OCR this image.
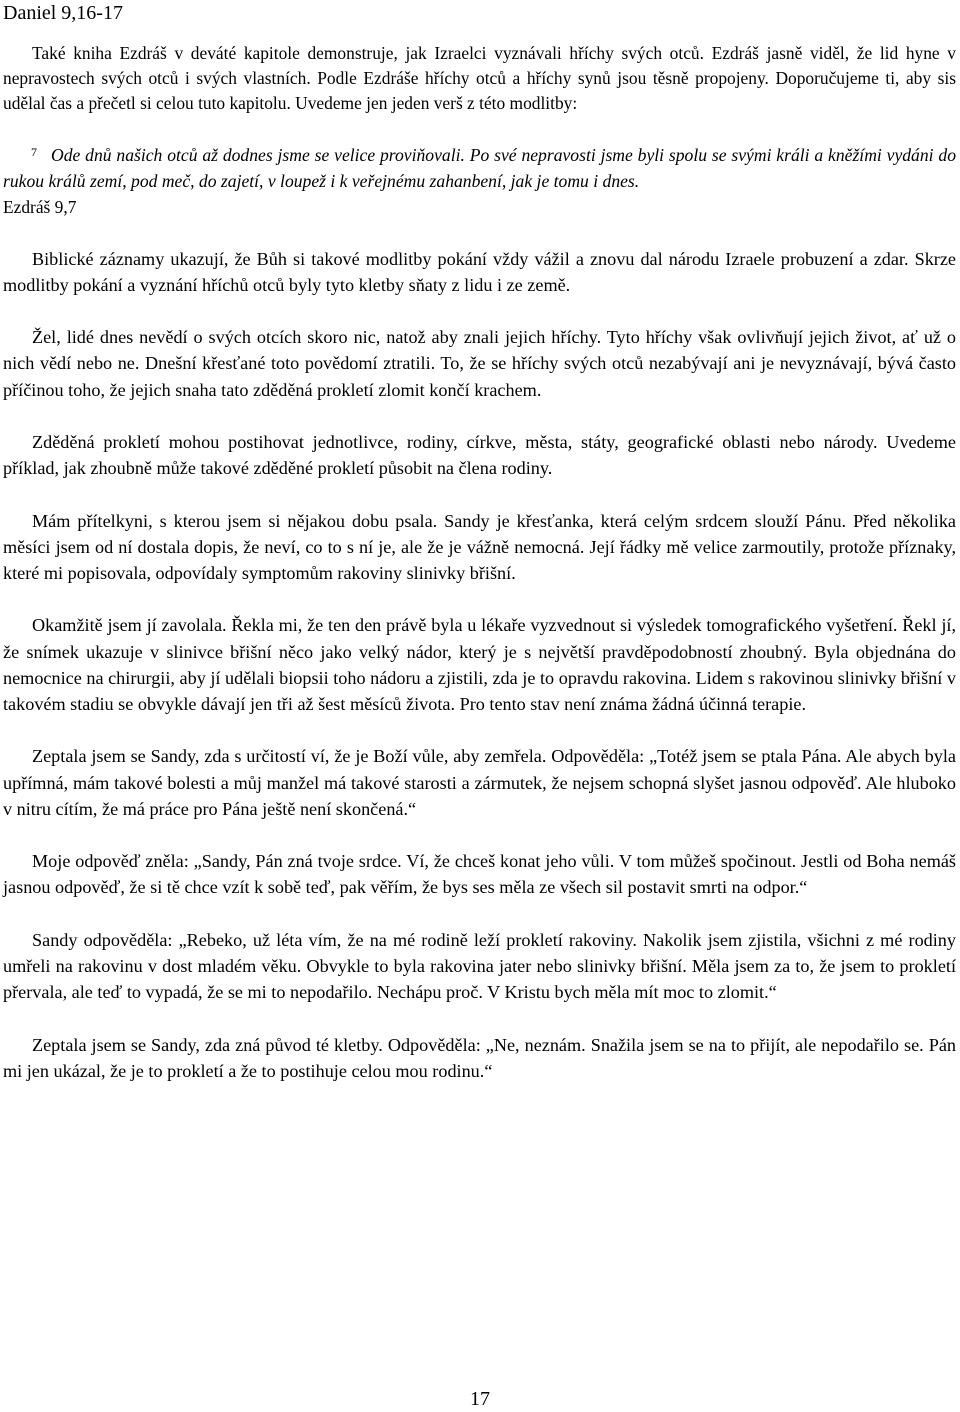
Daniel 9,16-17

Také kniha Ezdráš v deváté kapitole demonstruje, jak Izraelci vyznávali hříchy svých otců. Ezdráš jasně viděl, že lid hyne v nepravostech svých otců i svých vlastních. Podle Ezdráše hříchy otců a hříchy synů jsou těsně propojeny. Doporučujeme ti, aby sis udělal čas a přečetl si celou tuto kapitolu. Uvedeme jen jeden verš z této modlitby:

$^7$ Ode dnů našich otců až dodnes jsme se velice proviňovali. Po své nepravosti jsme byli spolu se svými králi a kněžími vydáni do rukou králů zemí, pod meč, do zajetí, v loupež i k veřejnému zahanbení, jak je tomu i dnes.

Ezdráš 9,7

Biblické záznamy ukazují, že Bůh si takové modlitby pokání vždy vážil a znovu dal národu Izraele probuzení a zdar. Skrze modlitby pokání a vyznání hříchů otců byly tyto kletby sňaty z lidu i ze země.

Žel, lidé dnes nevědí o svých otcích skoro nic, natož aby znali jejich hříchy. Tyto hříchy však ovlivňují jejich život, ať už o nich vědí nebo ne. Dnešní křesťané toto povědomí ztratili. To, že se hříchy svých otců nezabývají ani je nevyznávají, bývá často příčinou toho, že jejich snaha tato zděděná prokletí zlomit končí krachem.

Zděděná prokletí mohou postihovat jednotlivce, rodiny, církve, města, státy, geografické oblasti nebo národy. Uvedeme příklad, jak zhoubně může takové zděděné prokletí působit na člena rodiny.

Mám přítelkyni, s kterou jsem si nějakou dobu psala. Sandy je křesťanka, která celým srdcem slouží Pánu. Před několika měsíci jsem od ní dostala dopis, že neví, co to s ní je, ale že je vážně nemocná. Její řádky mě velice zarmoutily, protože příznaky, které mi popisovala, odpovídaly symptomům rakoviny slinivky břišní.

Okamžitě jsem jí zavolala. Řekla mi, že ten den právě byla u lékaře vyzvednout si výsledek tomografického vyšetření. Řekl jí, že snímek ukazuje v slinivce břišní něco jako velký nádor, který je s největší pravděpodobností zhoubný. Byla objednána do nemocnice na chirurgii, aby jí udělali biopsii toho nádoru a zjistili, zda je to opravdu rakovina. Lidem s rakovinou slinivky břišní v takovém stadiu se obvykle dávají jen tři až šest měsíců života. Pro tento stav není známa žádná účinná terapie.

Zeptala jsem se Sandy, zda s určitostí ví, že je Boží vůle, aby zemřela. Odpověděla: „Totéž jsem se ptala Pána. Ale abych byla upřímná, mám takové bolesti a můj manžel má takové starosti a zármutek, že nejsem schopná slyšet jasnou odpověď. Ale hluboko v nitru cítím, že má práce pro Pána ještě není skončená.“

Moje odpověď zněla: „Sandy, Pán zná tvoje srdce. Ví, že chceš konat jeho vůli. V tom můžeš spočinout. Jestli od Boha nemáš jasnou odpověď, že si tě chce vzít k sobě teď, pak věřím, že bys ses měla ze všech sil postavit smrti na odpor.“

Sandy odpověděla: „Rebeko, už léta vím, že na mé rodině leží prokletí rakoviny. Nakolik jsem zjistila, všichni z mé rodiny umřeli na rakovinu v dost mladém věku. Obvykle to byla rakovina jater nebo slinivky břišní. Měla jsem za to, že jsem to prokletí přervala, ale teď to vypadá, že se mi to nepodařilo. Nechápu proč. V Kristu bych měla mít moc to zlomit.“

Zeptala jsem se Sandy, zda zná původ té kletby. Odpověděla: „Ne, neznám. Snažila jsem se na to přijít, ale nepodařilo se. Pán mi jen ukázal, že je to prokletí a že to postihuje celou mou rodinu.“

17
